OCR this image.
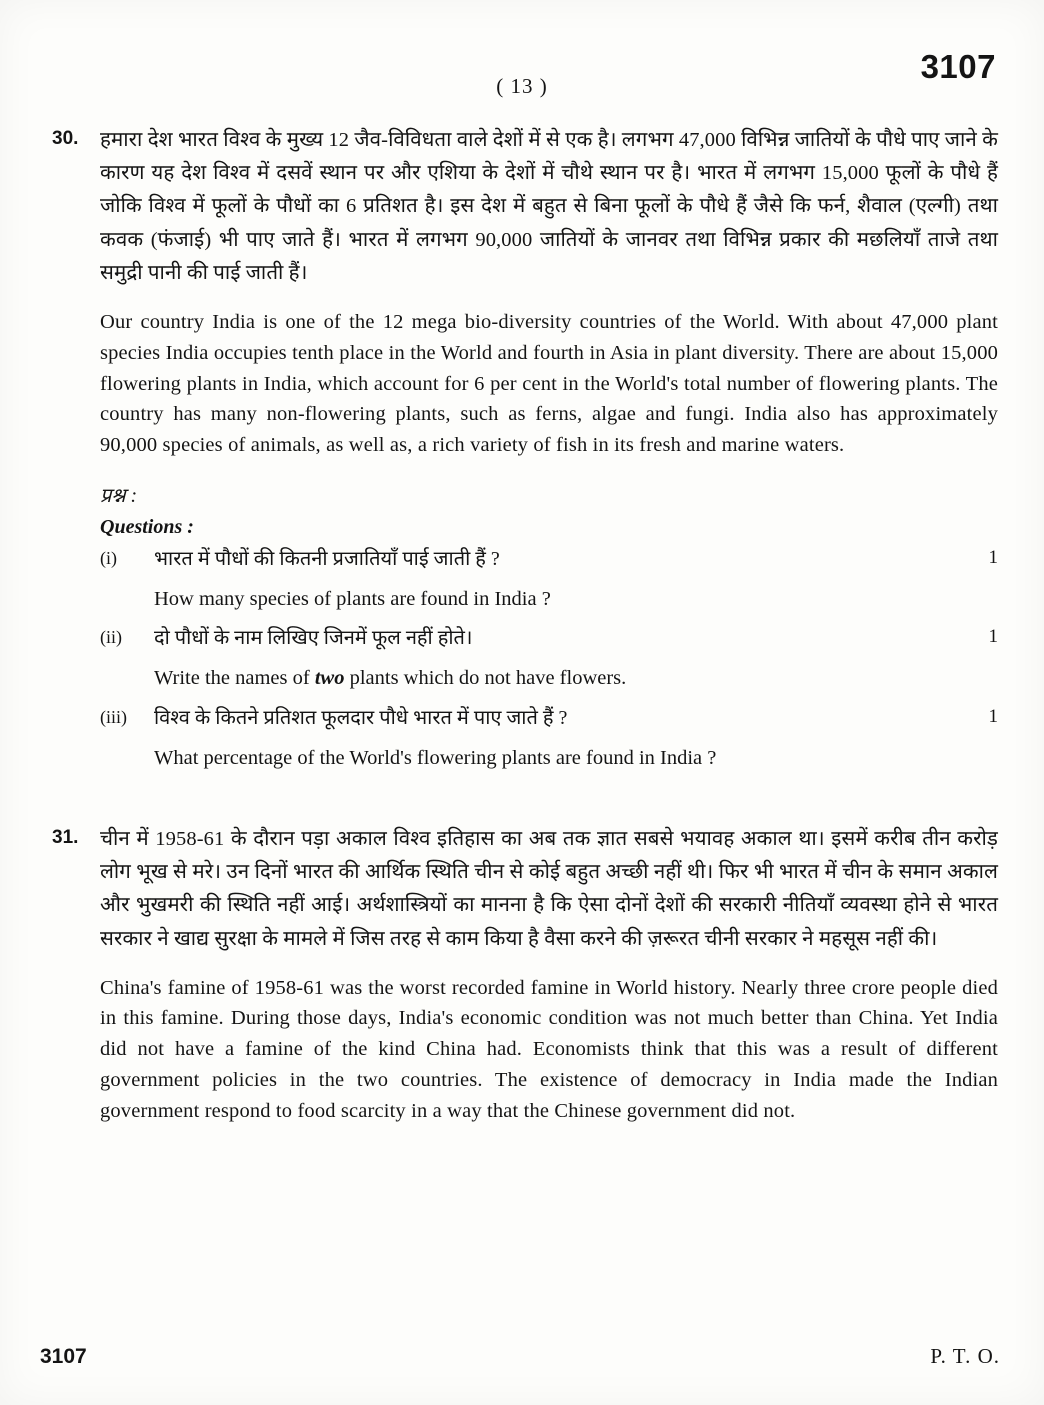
3107
( 13 )
30.	हमारा देश भारत विश्व के मुख्य 12 जैव-विविधता वाले देशों में से एक है। लगभग 47,000 विभिन्न जातियों के पौधे पाए जाने के कारण यह देश विश्व में दसवें स्थान पर और एशिया के देशों में चौथे स्थान पर है। भारत में लगभग 15,000 फूलों के पौधे हैं जोकि विश्व में फूलों के पौधों का 6 प्रतिशत है। इस देश में बहुत से बिना फूलों के पौधे हैं जैसे कि फर्न, शैवाल (एल्गी) तथा कवक (फंजाई) भी पाए जाते हैं। भारत में लगभग 90,000 जातियों के जानवर तथा विभिन्न प्रकार की मछलियाँ ताजे तथा समुद्री पानी की पाई जाती हैं।
Our country India is one of the 12 mega bio-diversity countries of the World. With about 47,000 plant species India occupies tenth place in the World and fourth in Asia in plant diversity. There are about 15,000 flowering plants in India, which account for 6 per cent in the World's total number of flowering plants. The country has many non-flowering plants, such as ferns, algae and fungi. India also has approximately 90,000 species of animals, as well as, a rich variety of fish in its fresh and marine waters.
प्रश्न :
Questions :
(i)	भारत में पौधों की कितनी प्रजातियाँ पाई जाती हैं ?
How many species of plants are found in India ?
1
(ii)	दो पौधों के नाम लिखिए जिनमें फूल नहीं होते।
Write the names of two plants which do not have flowers.
1
(iii)	विश्व के कितने प्रतिशत फूलदार पौधे भारत में पाए जाते हैं ?
What percentage of the World's flowering plants are found in India ?
1
31.	चीन में 1958-61 के दौरान पड़ा अकाल विश्व इतिहास का अब तक ज्ञात सबसे भयावह अकाल था। इसमें करीब तीन करोड़ लोग भूख से मरे। उन दिनों भारत की आर्थिक स्थिति चीन से कोई बहुत अच्छी नहीं थी। फिर भी भारत में चीन के समान अकाल और भुखमरी की स्थिति नहीं आई। अर्थशास्त्रियों का मानना है कि ऐसा दोनों देशों की सरकारी नीतियाँ व्यवस्था होने से भारत सरकार ने खाद्य सुरक्षा के मामले में जिस तरह से काम किया है वैसा करने की ज़रूरत चीनी सरकार ने महसूस नहीं की।
China's famine of 1958-61 was the worst recorded famine in World history. Nearly three crore people died in this famine. During those days, India's economic condition was not much better than China. Yet India did not have a famine of the kind China had. Economists think that this was a result of different government policies in the two countries. The existence of democracy in India made the Indian government respond to food scarcity in a way that the Chinese government did not.
3107	P. T. O.
